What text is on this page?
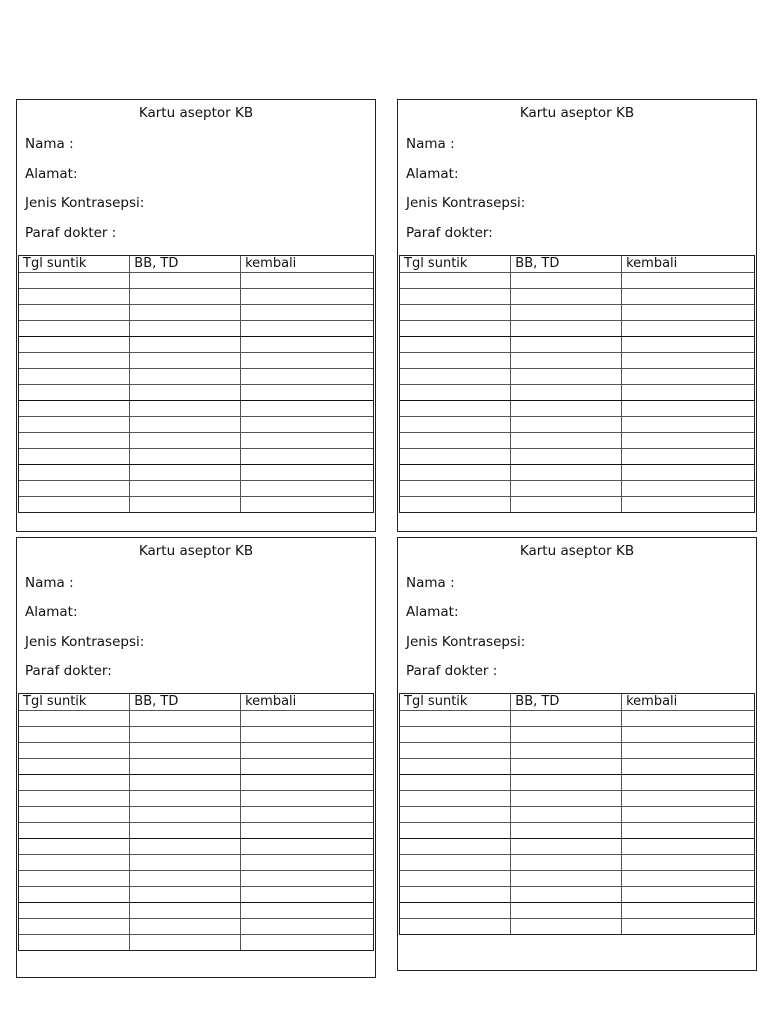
Kartu aseptor KB
Nama :
Alamat:
Jenis Kontrasepsi:
Paraf dokter :
Tgl suntik	BB, TD	kembali

Kartu aseptor KB
Nama :
Alamat:
Jenis Kontrasepsi:
Paraf dokter:
Tgl suntik	BB, TD	kembali

Kartu aseptor KB
Nama :
Alamat:
Jenis Kontrasepsi:
Paraf dokter:
Tgl suntik	BB, TD	kembali

Kartu aseptor KB
Nama :
Alamat:
Jenis Kontrasepsi:
Paraf dokter :
Tgl suntik	BB, TD	kembali
